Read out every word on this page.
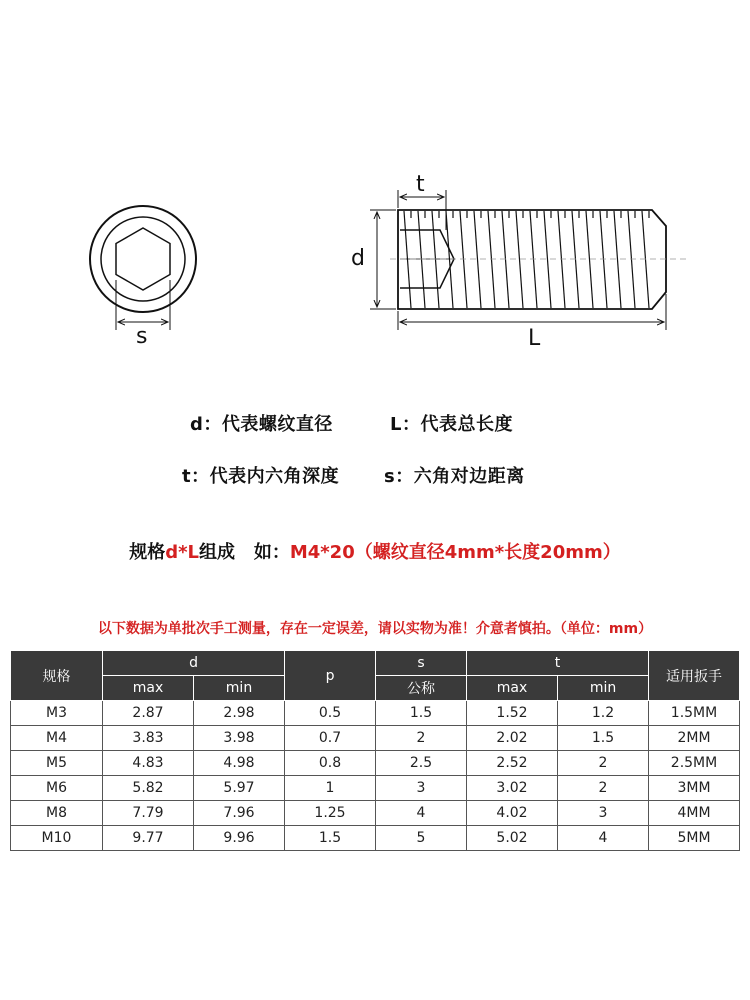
s
t
d
L
d：代表螺纹直径	L：代表总长度
t：代表内六角深度 s：六角对边距离
规格d*L组成   如：M4*20（螺纹直径4mm*长度20mm）
以下数据为单批次手工测量，存在一定误差，请以实物为准！介意者慎拍。（单位：mm）
规格	d		p	s	t		适用扳手
	max	min		公称	max	min	
M3	2.87	2.98	0.5	1.5	1.52	1.2	1.5MM
M4	3.83	3.98	0.7	2	2.02	1.5	2MM
M5	4.83	4.98	0.8	2.5	2.52	2	2.5MM
M6	5.82	5.97	1	3	3.02	2	3MM
M8	7.79	7.96	1.25	4	4.02	3	4MM
M10	9.77	9.96	1.5	5	5.02	4	5MM
